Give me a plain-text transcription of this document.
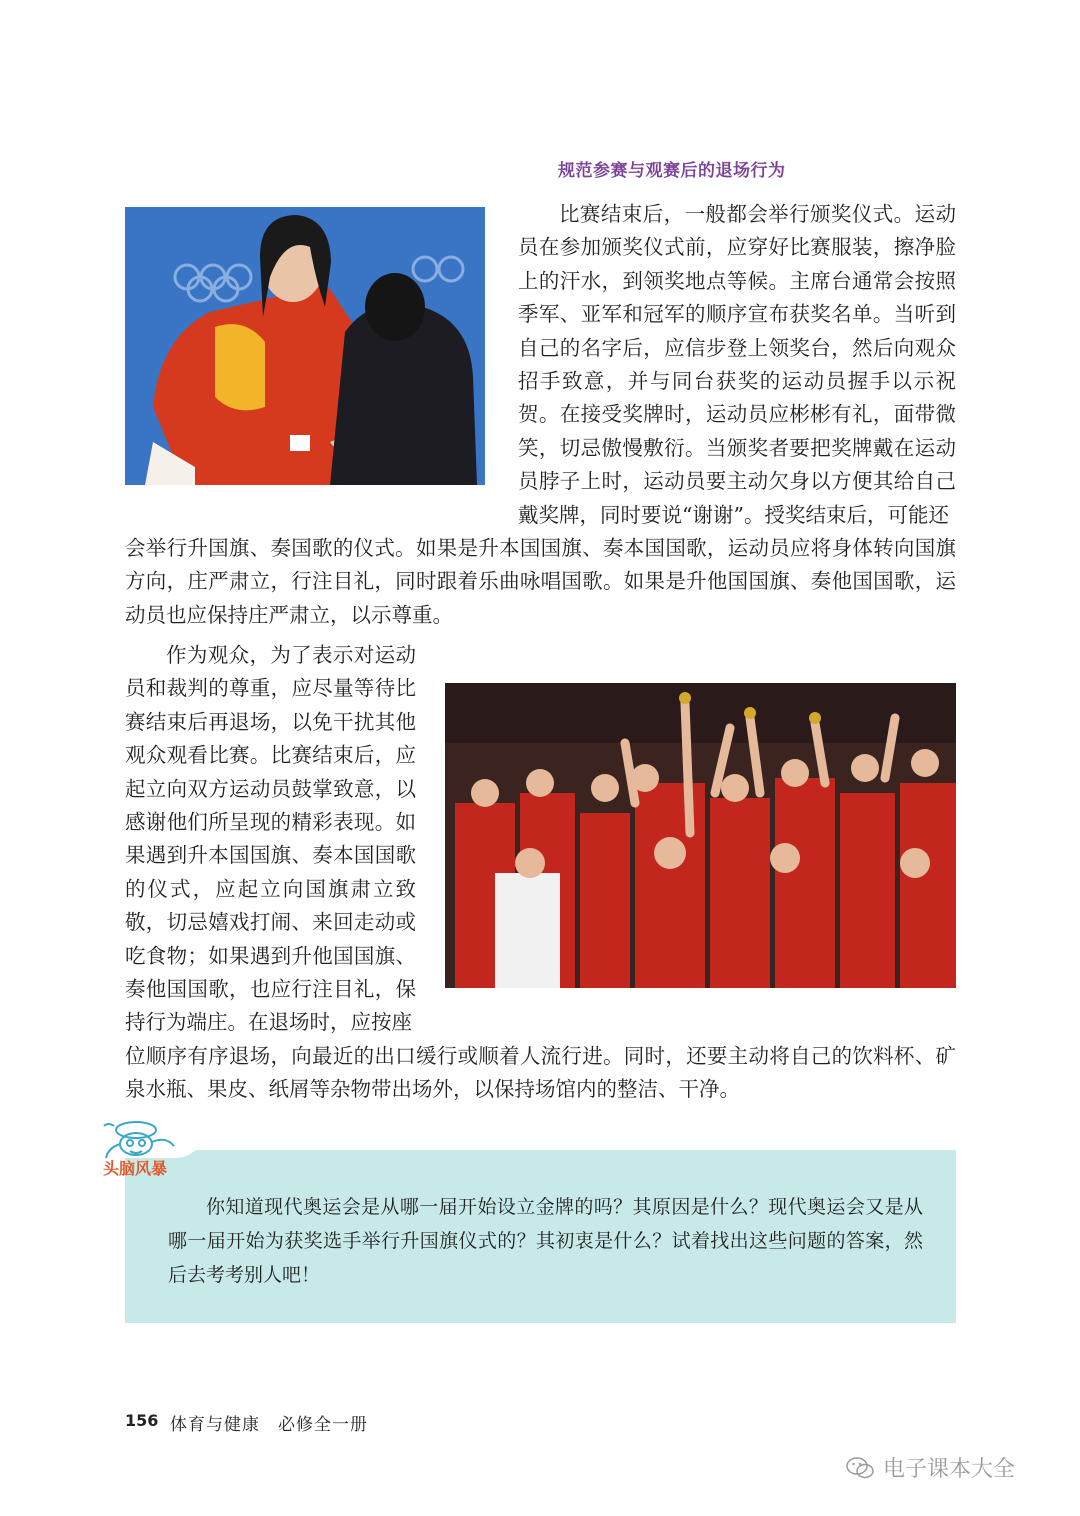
规范参赛与观赛后的退场行为

比赛结束后，一般都会举行颁奖仪式。运动员在参加颁奖仪式前，应穿好比赛服装，擦净脸上的汗水，到领奖地点等候。主席台通常会按照季军、亚军和冠军的顺序宣布获奖名单。当听到自己的名字后，应信步登上领奖台，然后向观众招手致意，并与同台获奖的运动员握手以示祝贺。在接受奖牌时，运动员应彬彬有礼，面带微笑，切忌傲慢敷衍。当颁奖者要把奖牌戴在运动员脖子上时，运动员要主动欠身以方便其给自己戴奖牌，同时要说“谢谢”。授奖结束后，可能还

会举行升国旗、奏国歌的仪式。如果是升本国国旗、奏本国国歌，运动员应将身体转向国旗方向，庄严肃立，行注目礼，同时跟着乐曲咏唱国歌。如果是升他国国旗、奏他国国歌，运动员也应保持庄严肃立，以示尊重。

作为观众，为了表示对运动员和裁判的尊重，应尽量等待比赛结束后再退场，以免干扰其他观众观看比赛。比赛结束后，应起立向双方运动员鼓掌致意，以感谢他们所呈现的精彩表现。如果遇到升本国国旗、奏本国国歌的仪式，应起立向国旗肃立致敬，切忌嬉戏打闹、来回走动或吃食物；如果遇到升他国国旗、奏他国国歌，也应行注目礼，保持行为端庄。在退场时，应按座

位顺序有序退场，向最近的出口缓行或顺着人流行进。同时，还要主动将自己的饮料杯、矿泉水瓶、果皮、纸屑等杂物带出场外，以保持场馆内的整洁、干净。

头脑风暴

你知道现代奥运会是从哪一届开始设立金牌的吗？其原因是什么？现代奥运会又是从哪一届开始为获奖选手举行升国旗仪式的？其初衷是什么？试着找出这些问题的答案，然后去考考别人吧！

156 体育与健康　必修全一册
电子课本大全
